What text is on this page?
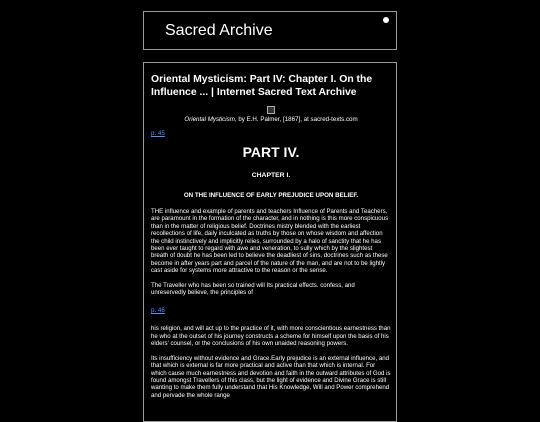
Sacred Archive
Oriental Mysticism: Part IV: Chapter I. On the Influence ... | Internet Sacred Text Archive

Oriental Mysticism, by E.H. Palmer, [1867], at sacred-texts.com

p. 45
PART IV.
CHAPTER I.
ON THE INFLUENCE OF EARLY PREJUDICE UPON BELIEF.

THE influence and example of parents and teachers Influence of Parents and Teachers. are paramount in the formation of the character, and in nothing is this more conspicuous than in the matter of religious belief. Doctrines mistry blended with the earliest recollections of life, daily inculcated as truths by those on whose wisdom and affection the child instinctively and implicitly relies, surrounded by a halo of sanctity that he has been ever taught to regard with awe and veneration, to sully which by the slightest breath of doubt he has been led to believe the deadliest of sins, doctrines such as these become in after years part and parcel of the nature of the man, and are not to be lightly cast aside for systems more attractive to the reason or the sense.

The Traveller who has been so trained will Its practical effects. confess, and unreservedly believe, the principles of

p. 46

his religion, and will act up to the practice of it, with more conscientious earnestness than he who at the outset of his journey constructs a scheme for himself upon the basis of his elders' counsel, or the conclusions of his own unaided reasoning powers.

Its insufficiency without evidence and Grace.Early prejudice is an external influence, and that which is external is far more practical and active than that which is internal. For which cause much earnestness and devotion and faith in the outward attributes of God is found amongst Travellers of this class, but the light of evidence and Divine Grace is still wanting to make them fully understand that His Knowledge, Will and Power comprehend and pervade the whole range
